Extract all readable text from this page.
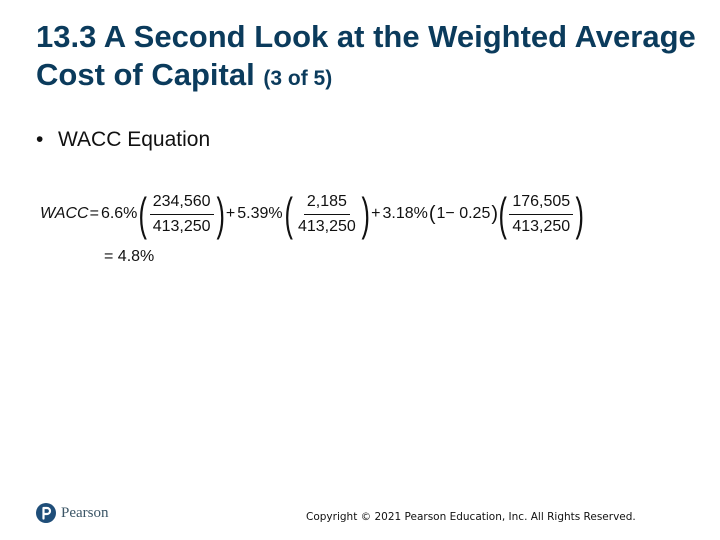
13.3 A Second Look at the Weighted Average Cost of Capital (3 of 5)
• WACC Equation
WACC = 6.6% ( $\frac{234,560}{413,250}$ ) + 5.39% ( $\frac{2,185}{413,250}$ ) + 3.18% ( 1− 0.25 ) ( $\frac{176,505}{413,250}$ )
= 4.8%
Pearson	Copyright © 2021 Pearson Education, Inc. All Rights Reserved.
